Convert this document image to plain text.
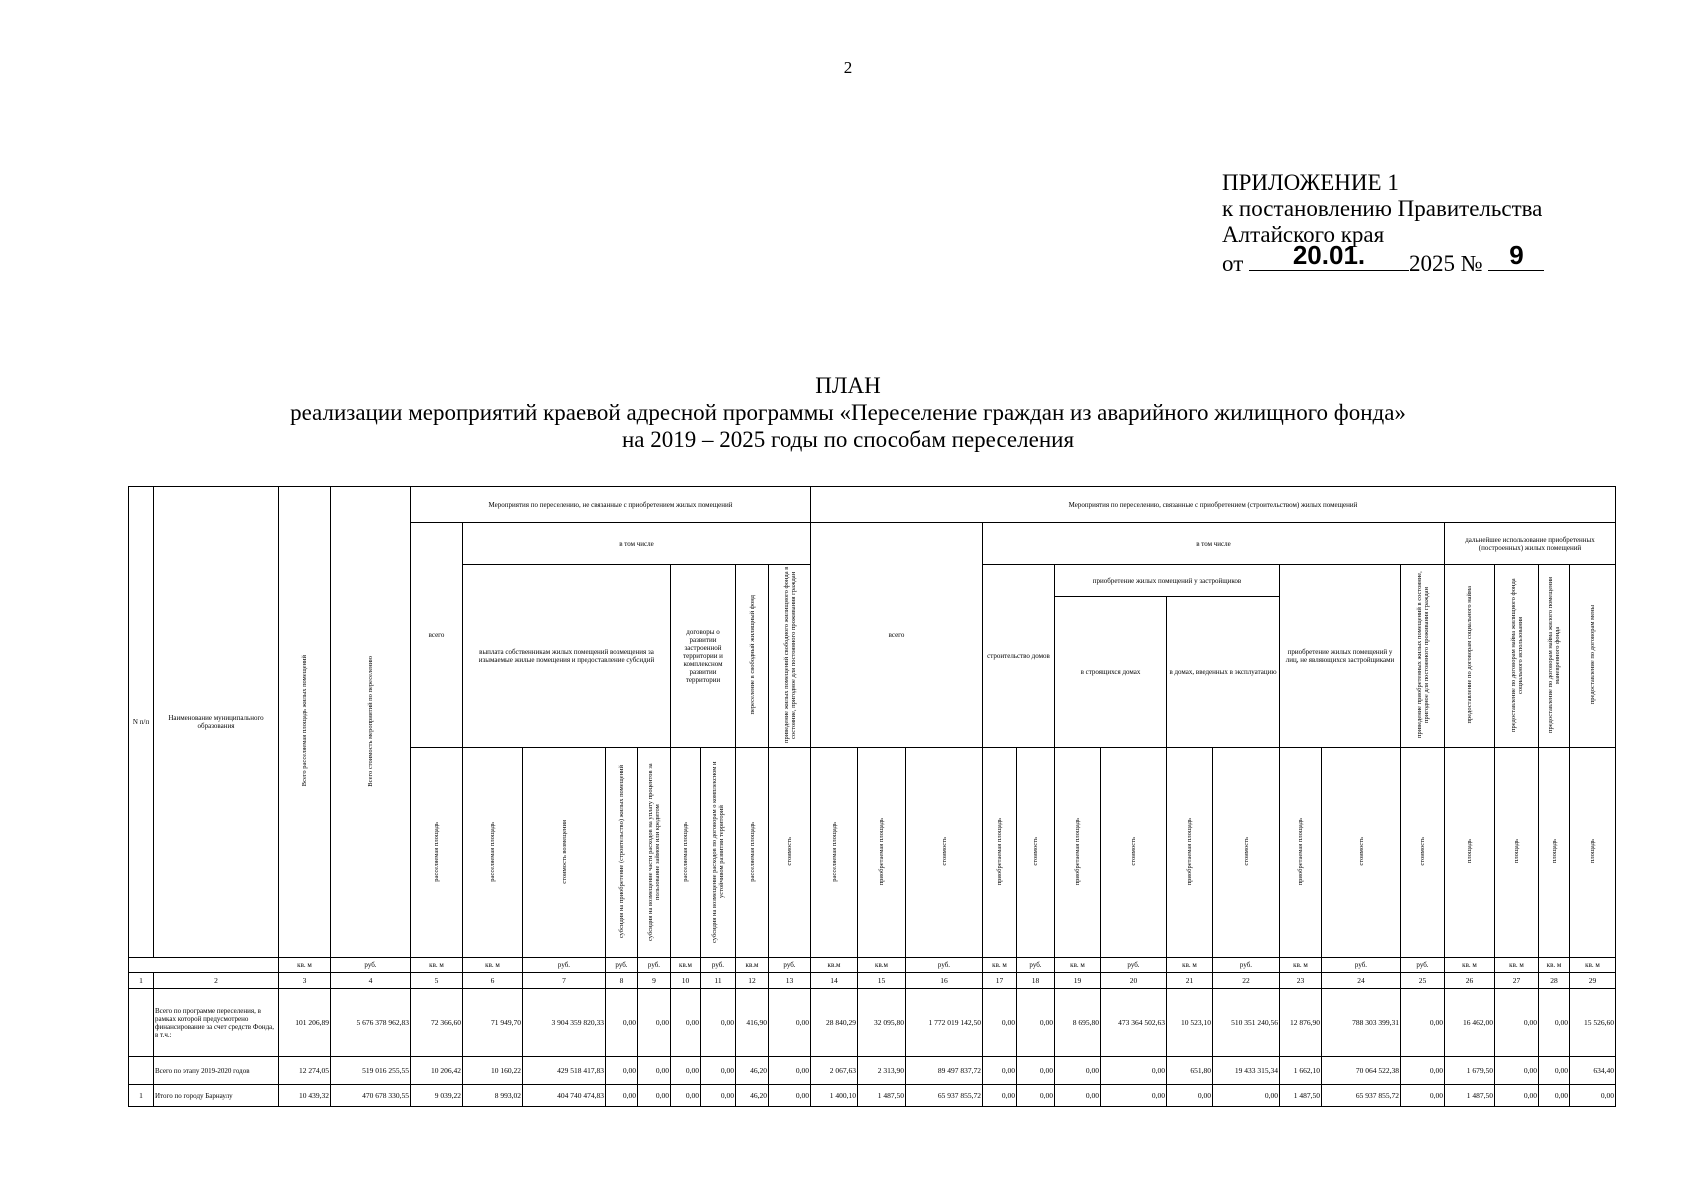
2
ПРИЛОЖЕНИЕ 1
к постановлению Правительства
Алтайского края
от	20.01.	2025 №	9
ПЛАН
реализации мероприятий краевой адресной программы «Переселение граждан из аварийного жилищного фонда»
на 2019 – 2025 годы по способам переселения
N п/п	Наименование муниципального образования	Всего расселяемая площадь жилых помещений	Всего стоимость мероприятий по переселению	Мероприятия по переселению, не связанные с приобретением жилых помещений									Мероприятия по переселению, связанные с приобретением (строительством) жилых помещений															
				всего	в том числе								всего			в том числе									дальнейшее использование приобретенных (построенных) жилых помещений			
					выплата собственникам жилых помещений возмещения за изымаемые жилые помещения и предоставление субсидий				договоры о развитии застроенной территории и комплексном развитии территории		переселение в свободный жилищный фонд	приведение жилых помещений свободного жилищного фонда в состояние, пригодное для постоянного проживания граждан				строительство домов		приобретение жилых помещений у застройщиков				приобретение жилых помещений у лиц, не являющихся застройщиками		приведение приобретенных жилых помещений в состояние, пригодное для постоянного проживания граждан	предоставление по договорам социального найма	предоставление по договорам найма жилищного фонда социального использования	предоставление по договорам найма жилого помещения маневренного фонда	предоставление по договорам мены
																		в строящихся домах		в домах, введенных в эксплуатацию								
				расселяемая площадь	расселяемая площадь	стоимость возмещения	субсидия на приобретение (строительство) жилых помещений	субсидия на возмещение части расходов на уплату процентов за пользование займом или кредитом	расселяемая площадь	субсидия на возмещение расходов по договорам о комплексном и устойчивом развитии территорий	расселяемая площадь	стоимость	расселяемая площадь	приобретаемая площадь	стоимость	приобретаемая площадь	стоимость	приобретаемая площадь	стоимость	приобретаемая площадь	стоимость	приобретаемая площадь	стоимость	стоимость	площадь	площадь	площадь	площадь
		кв. м	руб.	кв. м	кв. м	руб.	руб.	руб.	кв.м	руб.	кв.м	руб.	кв.м	кв.м	руб.	кв. м	руб.	кв. м	руб.	кв. м	руб.	кв. м	руб.	руб.	кв. м	кв. м	кв. м	кв. м
1	2	3	4	5	6	7	8	9	10	11	12	13	14	15	16	17	18	19	20	21	22	23	24	25	26	27	28	29
	Всего по программе переселения, в рамках которой предусмотрено финансирование за счет средств Фонда, в т.ч.:	101 206,89	5 676 378 962,83	72 366,60	71 949,70	3 904 359 820,33	0,00	0,00	0,00	0,00	416,90	0,00	28 840,29	32 095,80	1 772 019 142,50	0,00	0,00	8 695,80	473 364 502,63	10 523,10	510 351 240,56	12 876,90	788 303 399,31	0,00	16 462,00	0,00	0,00	15 526,60
	Всего по этапу 2019-2020 годов	12 274,05	519 016 255,55	10 206,42	10 160,22	429 518 417,83	0,00	0,00	0,00	0,00	46,20	0,00	2 067,63	2 313,90	89 497 837,72	0,00	0,00	0,00	0,00	651,80	19 433 315,34	1 662,10	70 064 522,38	0,00	1 679,50	0,00	0,00	634,40
1	Итого по городу Барнаулу	10 439,32	470 678 330,55	9 039,22	8 993,02	404 740 474,83	0,00	0,00	0,00	0,00	46,20	0,00	1 400,10	1 487,50	65 937 855,72	0,00	0,00	0,00	0,00	0,00	0,00	1 487,50	65 937 855,72	0,00	1 487,50	0,00	0,00	0,00
